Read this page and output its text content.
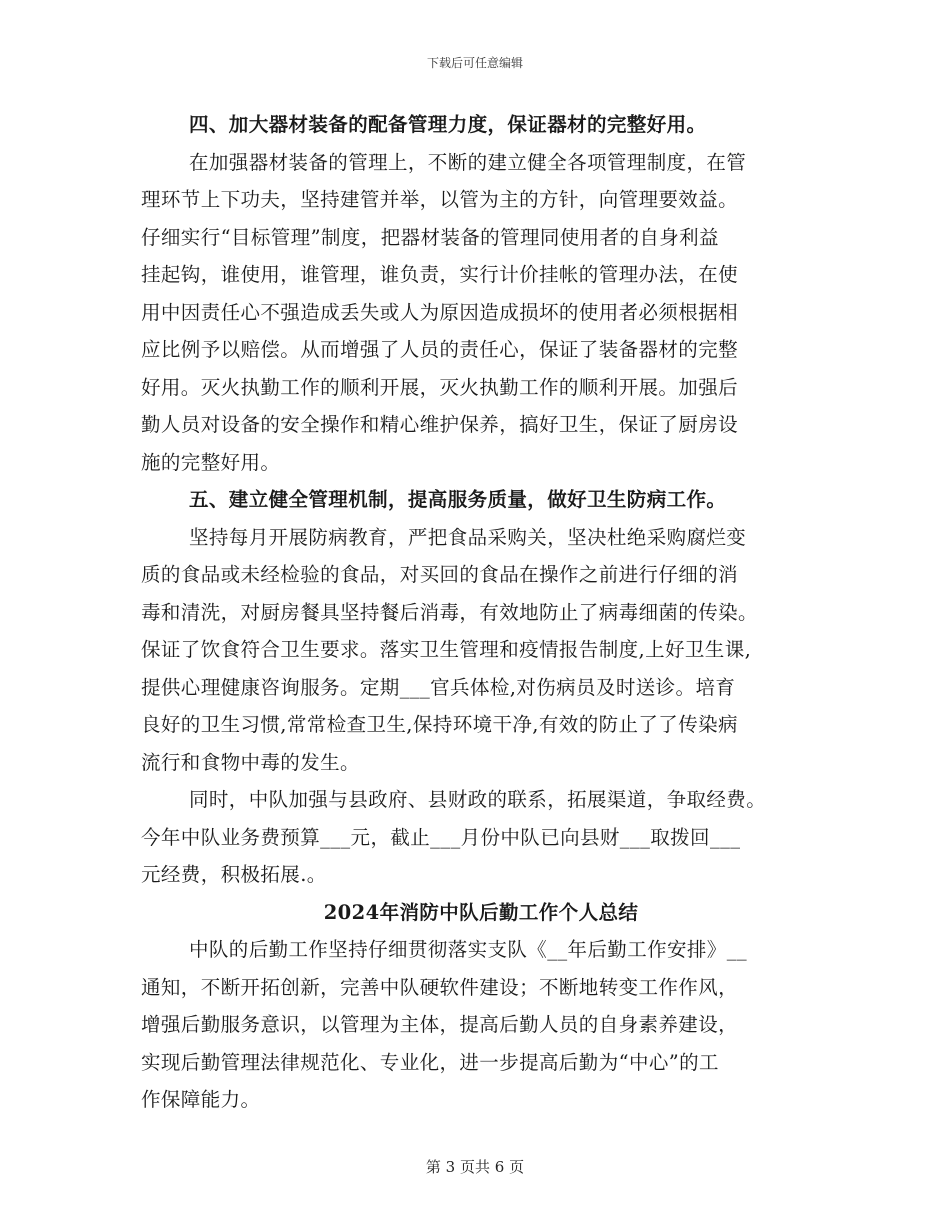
下载后可任意编辑
四、加大器材装备的配备管理力度，保证器材的完整好用。
在加强器材装备的管理上，不断的建立健全各项管理制度，在管
理环节上下功夫，坚持建管并举，以管为主的方针，向管理要效益。
仔细实行“目标管理”制度，把器材装备的管理同使用者的自身利益
挂起钩，谁使用，谁管理，谁负责，实行计价挂帐的管理办法，在使
用中因责任心不强造成丢失或人为原因造成损坏的使用者必须根据相
应比例予以赔偿。从而增强了人员的责任心，保证了装备器材的完整
好用。灭火执勤工作的顺利开展，灭火执勤工作的顺利开展。加强后
勤人员对设备的安全操作和精心维护保养，搞好卫生，保证了厨房设
施的完整好用。
五、建立健全管理机制，提高服务质量，做好卫生防病工作。
坚持每月开展防病教育，严把食品采购关，坚决杜绝采购腐烂变
质的食品或未经检验的食品，对买回的食品在操作之前进行仔细的消
毒和清洗，对厨房餐具坚持餐后消毒，有效地防止了病毒细菌的传染。
保证了饮食符合卫生要求。落实卫生管理和疫情报告制度,上好卫生课,
提供心理健康咨询服务。定期___官兵体检,对伤病员及时送诊。培育
良好的卫生习惯,常常检查卫生,保持环境干净,有效的防止了了传染病
流行和食物中毒的发生。
同时，中队加强与县政府、县财政的联系，拓展渠道，争取经费。
今年中队业务费预算___元，截止___月份中队已向县财___取拨回___
元经费，积极拓展.。
2024年消防中队后勤工作个人总结
中队的后勤工作坚持仔细贯彻落实支队《__年后勤工作安排》__
通知，不断开拓创新，完善中队硬软件建设；不断地转变工作作风，
增强后勤服务意识，以管理为主体，提高后勤人员的自身素养建设，
实现后勤管理法律规范化、专业化，进一步提高后勤为“中心”的工
作保障能力。
第 3 页共 6 页
